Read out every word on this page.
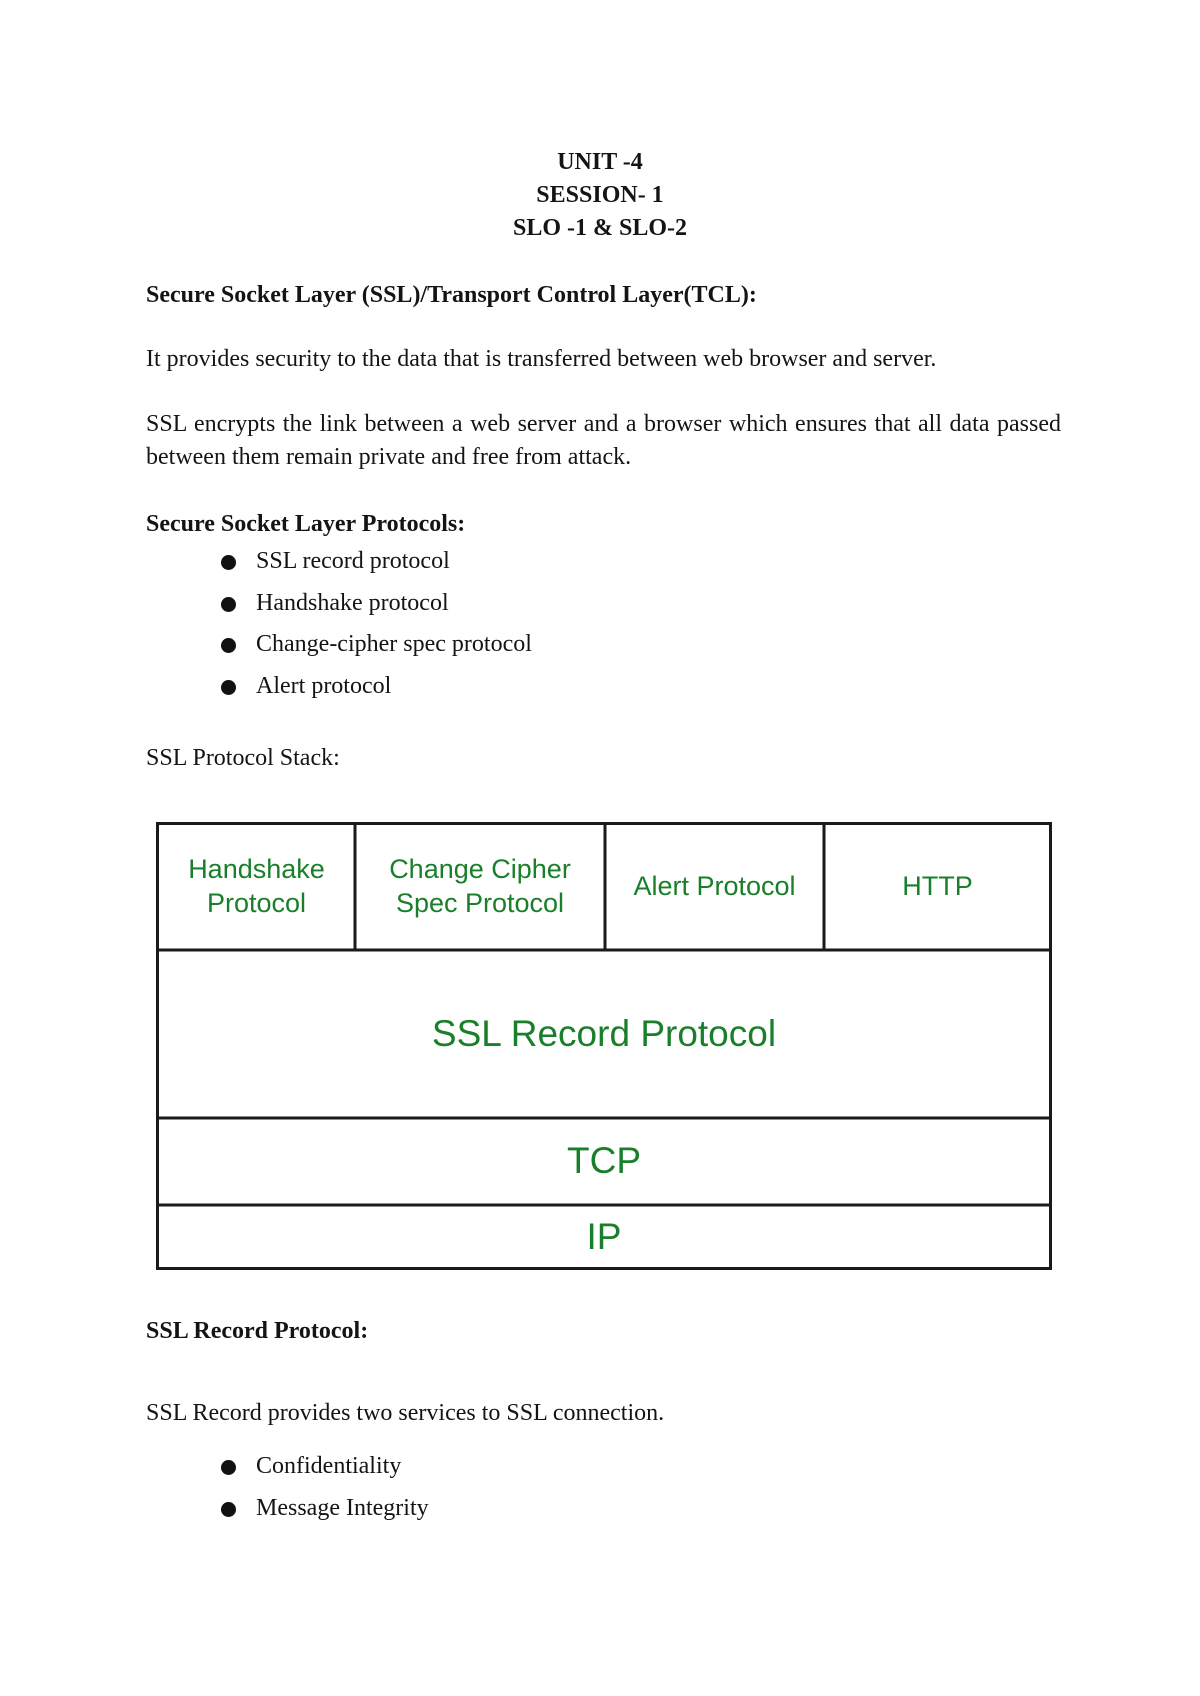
UNIT -4
SESSION- 1
SLO -1 & SLO-2
Secure Socket Layer (SSL)/Transport Control Layer(TCL):

It provides security to the data that is transferred between web browser and server.

SSL encrypts the link between a web server and a browser which ensures that all data passed between them remain private and free from attack.

Secure Socket Layer Protocols:
SSL record protocol
Handshake protocol
Change-cipher spec protocol
Alert protocol
SSL Protocol Stack:
Handshake Protocol
Change Cipher Spec Protocol
Alert Protocol	HTTP
SSL Record Protocol
TCP
IP
SSL Record Protocol:
SSL Record provides two services to SSL connection.
Confidentiality
Message Integrity
